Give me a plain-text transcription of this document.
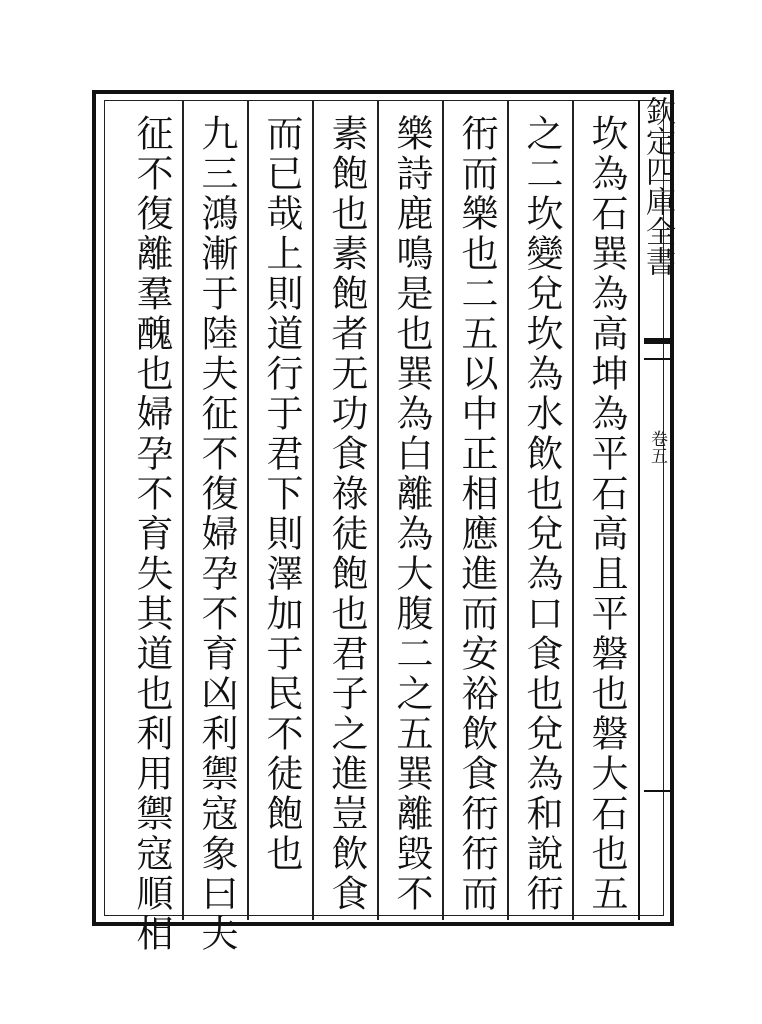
欽定四庫全書
卷五
坎為石巽為高坤為平石高且平磐也磐大石也五
之二坎變兌坎為水飲也兌為口食也兌為和說衎
衎而樂也二五以中正相應進而安裕飲食衎衎而
樂詩鹿鳴是也巽為白離為大腹二之五巽離毀不
素飽也素飽者无功食祿徒飽也君子之進豈飲食
而已哉上則道行于君下則澤加于民不徒飽也
九三鴻漸于陸夫征不復婦孕不育凶利禦寇象曰夫
征不復離羣醜也婦孕不育失其道也利用禦寇順相
